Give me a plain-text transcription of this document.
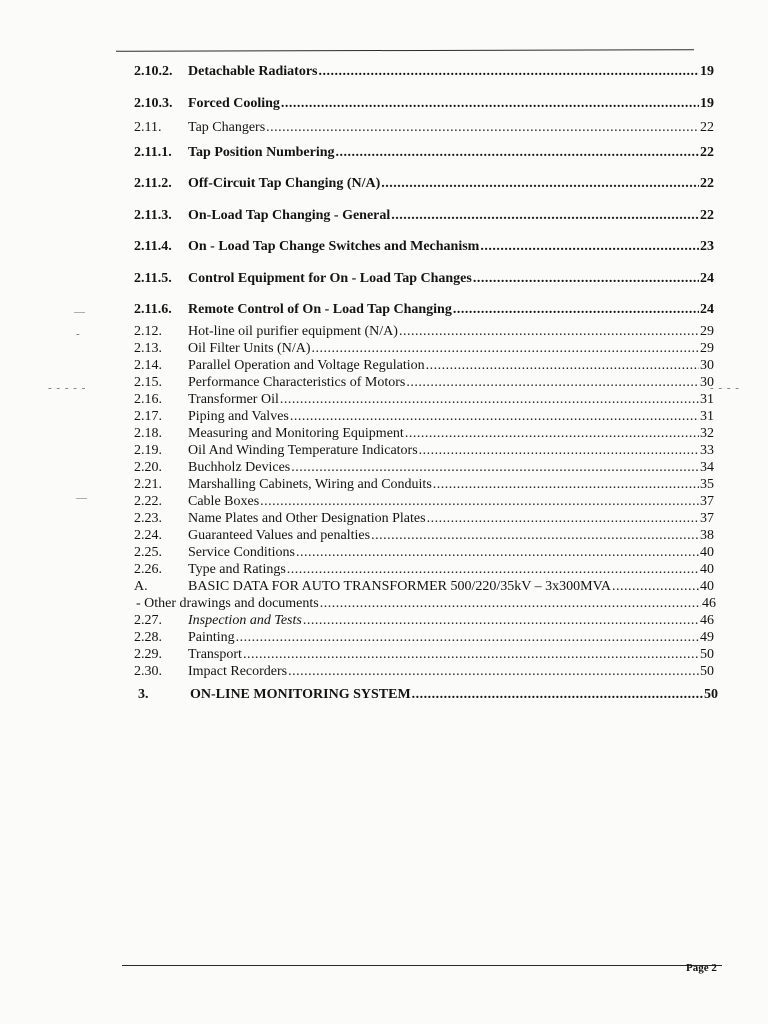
2.10.2.	Detachable Radiators .....	19
2.10.3.	Forced Cooling .....	19
2.11.	Tap Changers .....	22
2.11.1.	Tap Position Numbering .....	22
2.11.2.	Off-Circuit Tap Changing (N/A) .....	22
2.11.3.	On-Load Tap Changing - General .....	22
2.11.4.	On - Load Tap Change Switches and Mechanism .....	23
2.11.5.	Control Equipment for On - Load Tap Changes .....	24
2.11.6.	Remote Control of On - Load Tap Changing .....	24
2.12.	Hot-line oil purifier equipment (N/A) .....	29
2.13.	Oil Filter Units (N/A) .....	29
2.14.	Parallel Operation and Voltage Regulation .....	30
2.15.	Performance Characteristics of Motors .....	30
2.16.	Transformer Oil .....	31
2.17.	Piping and Valves .....	31
2.18.	Measuring and Monitoring Equipment .....	32
2.19.	Oil And Winding Temperature Indicators .....	33
2.20.	Buchholz Devices .....	34
2.21.	Marshalling Cabinets, Wiring and Conduits .....	35
2.22.	Cable Boxes .....	37
2.23.	Name Plates and Other Designation Plates .....	37
2.24.	Guaranteed Values and penalties .....	38
2.25.	Service Conditions .....	40
2.26.	Type and Ratings .....	40
A.	BASIC DATA FOR AUTO TRANSFORMER 500/220/35kV – 3x300MVA .....	40
- Other drawings and documents .....	46
2.27.	Inspection and Tests .....	46
2.28.	Painting .....	49
2.29.	Transport .....	50
2.30.	Impact Recorders .....	50
3.	ON-LINE MONITORING SYSTEM .....	50
—
-
- - - - -
—
- - - -
Page 2
